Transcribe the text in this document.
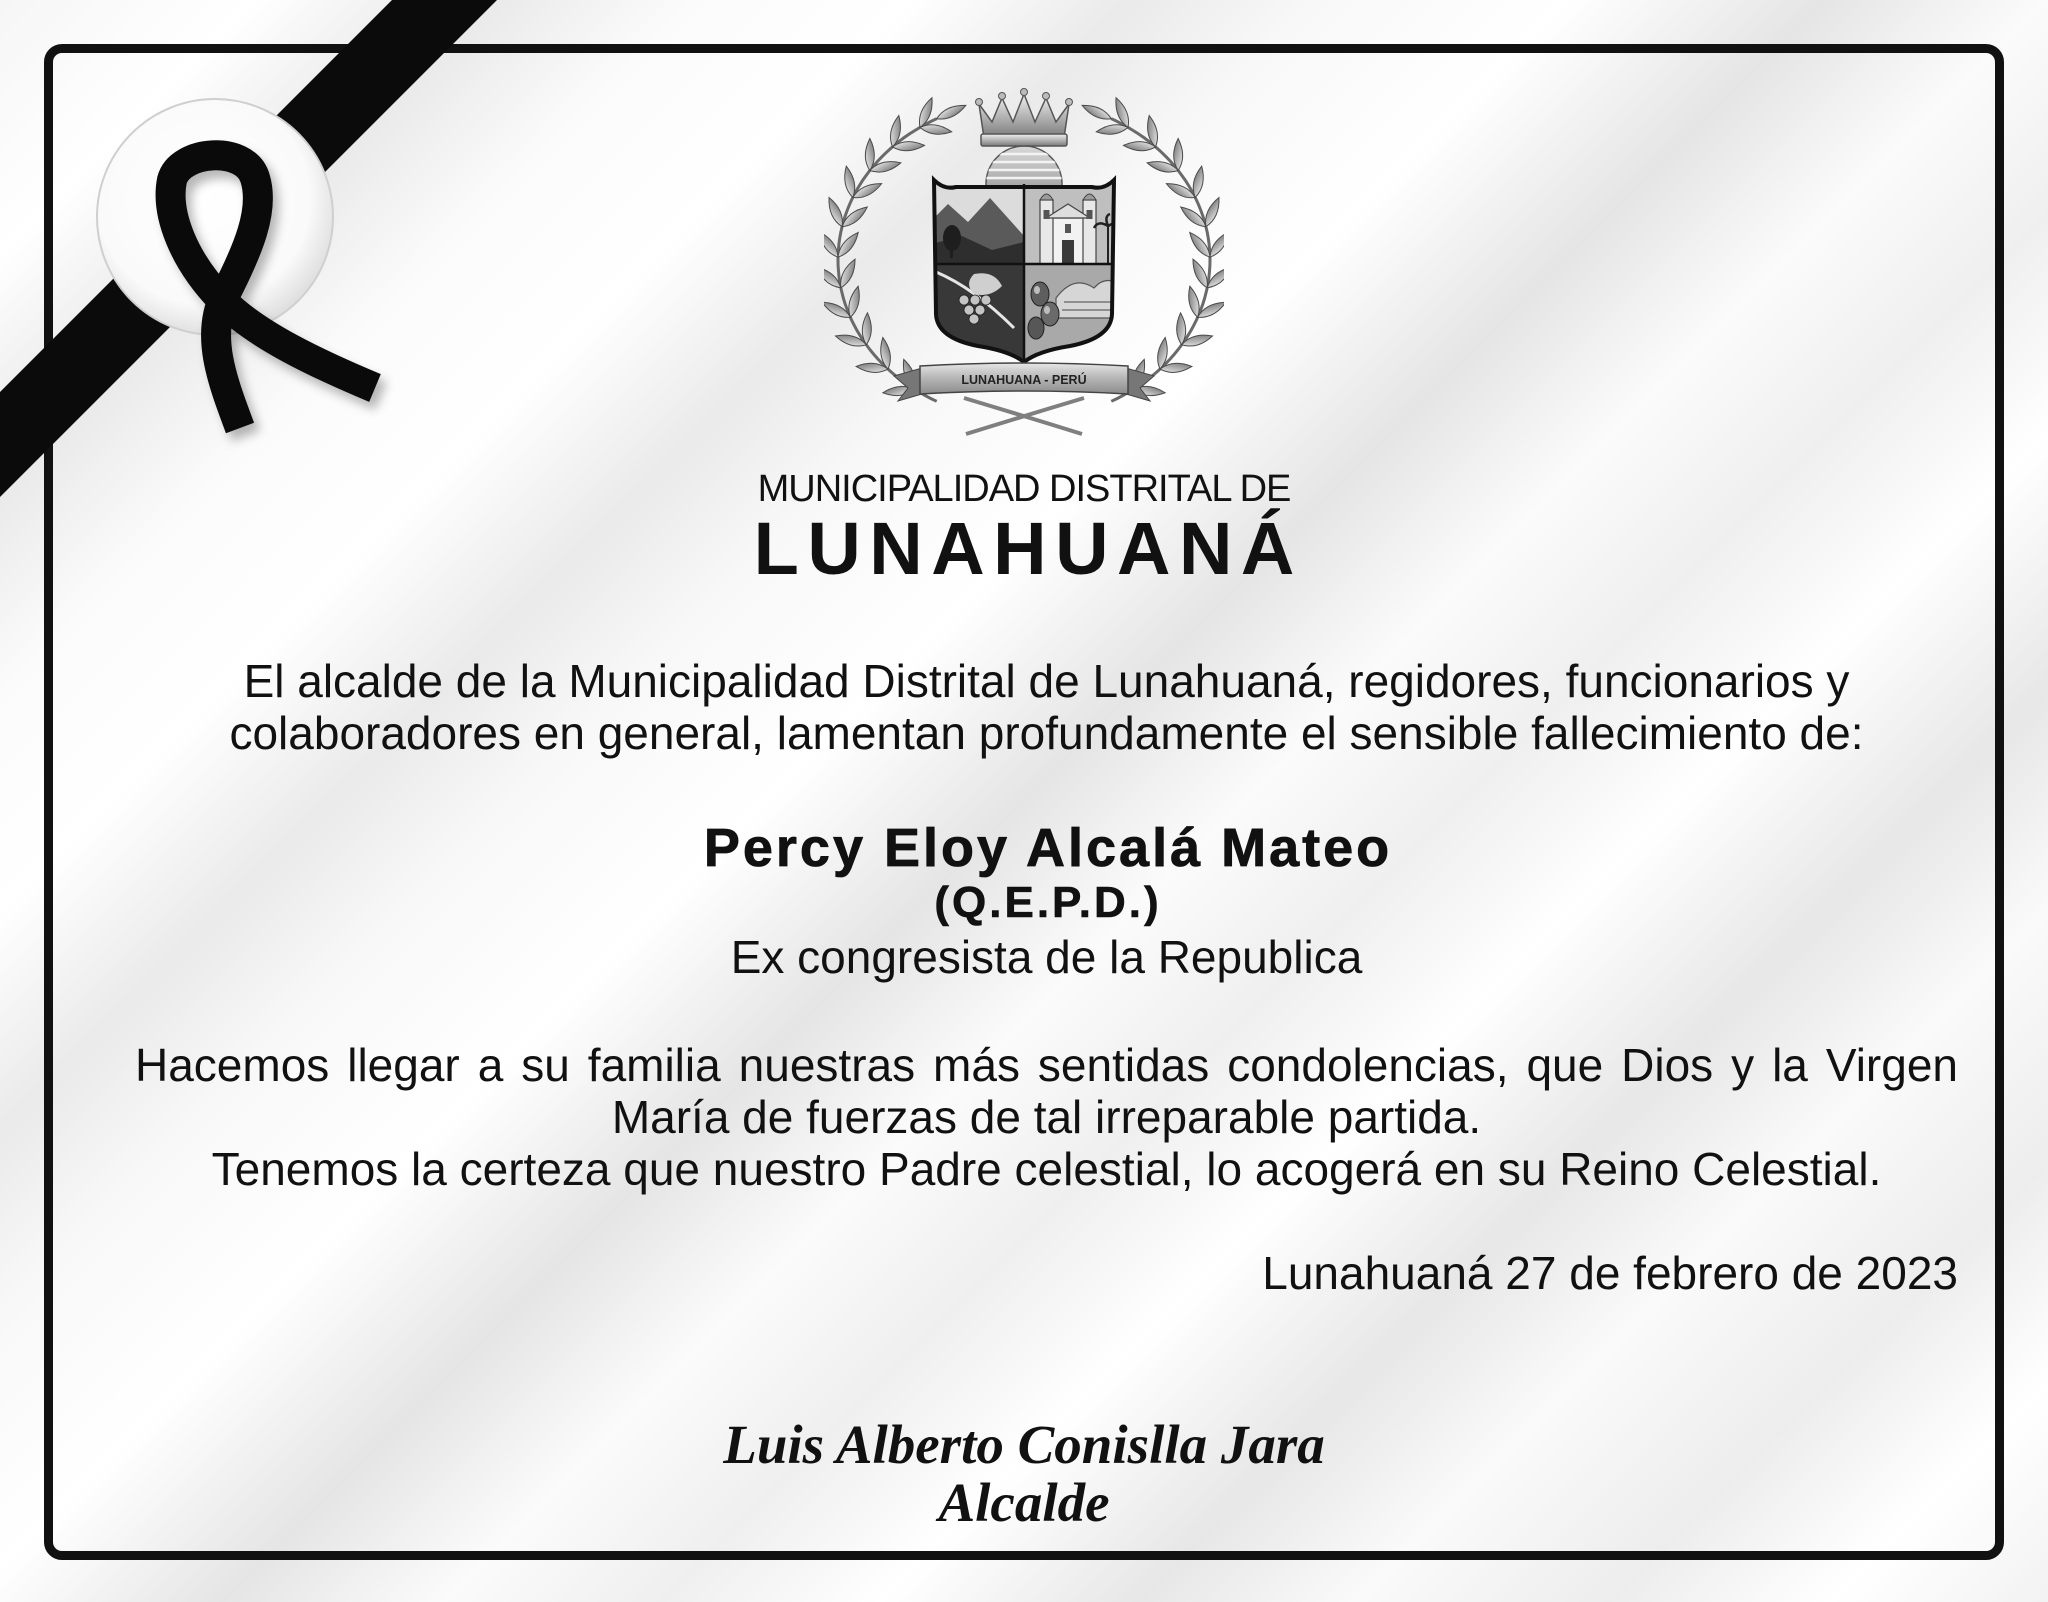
LUNAHUANA - PERÚ
MUNICIPALIDAD DISTRITAL DE
LUNAHUANÁ
El alcalde de la Municipalidad Distrital de Lunahuaná, regidores, funcionarios y
colaboradores en general, lamentan profundamente el sensible fallecimiento de:
Percy Eloy Alcalá Mateo
(Q.E.P.D.)
Ex congresista de la Republica
Hacemos llegar a su familia nuestras más sentidas condolencias, que Dios y la Virgen
María de fuerzas de tal irreparable partida.
Tenemos la certeza que nuestro Padre celestial, lo acogerá en su Reino Celestial.
Lunahuaná 27 de febrero de 2023
Luis Alberto Conislla Jara
Alcalde
